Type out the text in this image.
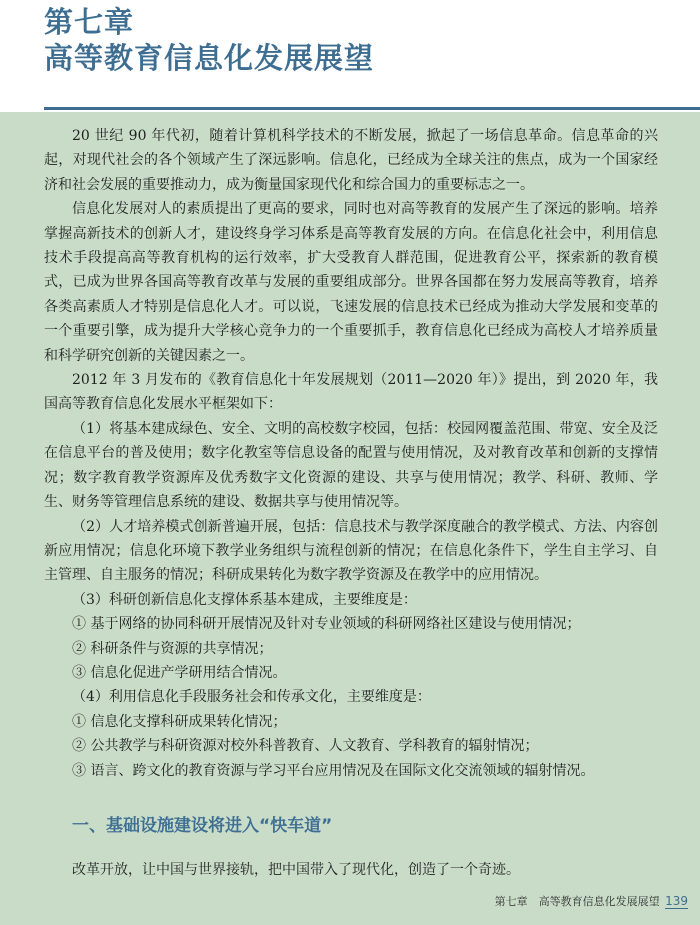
第七章
高等教育信息化发展展望

20 世纪 90 年代初，随着计算机科学技术的不断发展，掀起了一场信息革命。信息革命的兴起，对现代社会的各个领域产生了深远影响。信息化，已经成为全球关注的焦点，成为一个国家经济和社会发展的重要推动力，成为衡量国家现代化和综合国力的重要标志之一。

信息化发展对人的素质提出了更高的要求，同时也对高等教育的发展产生了深远的影响。培养掌握高新技术的创新人才，建设终身学习体系是高等教育发展的方向。在信息化社会中，利用信息技术手段提高高等教育机构的运行效率，扩大受教育人群范围，促进教育公平，探索新的教育模式，已成为世界各国高等教育改革与发展的重要组成部分。世界各国都在努力发展高等教育，培养各类高素质人才特别是信息化人才。可以说，飞速发展的信息技术已经成为推动大学发展和变革的一个重要引擎，成为提升大学核心竞争力的一个重要抓手，教育信息化已经成为高校人才培养质量和科学研究创新的关键因素之一。

2012 年 3 月发布的《教育信息化十年发展规划（2011—2020 年）》提出，到 2020 年，我国高等教育信息化发展水平框架如下：

（1）将基本建成绿色、安全、文明的高校数字校园，包括：校园网覆盖范围、带宽、安全及泛在信息平台的普及使用；数字化教室等信息设备的配置与使用情况，及对教育改革和创新的支撑情况；数字教育教学资源库及优秀数字文化资源的建设、共享与使用情况；教学、科研、教师、学生、财务等管理信息系统的建设、数据共享与使用情况等。

（2）人才培养模式创新普遍开展，包括：信息技术与教学深度融合的教学模式、方法、内容创新应用情况；信息化环境下教学业务组织与流程创新的情况；在信息化条件下，学生自主学习、自主管理、自主服务的情况；科研成果转化为数字教学资源及在教学中的应用情况。

（3）科研创新信息化支撑体系基本建成，主要维度是：

① 基于网络的协同科研开展情况及针对专业领域的科研网络社区建设与使用情况；

② 科研条件与资源的共享情况；

③ 信息化促进产学研用结合情况。

（4）利用信息化手段服务社会和传承文化，主要维度是：

① 信息化支撑科研成果转化情况；

② 公共教学与科研资源对校外科普教育、人文教育、学科教育的辐射情况；

③ 语言、跨文化的教育资源与学习平台应用情况及在国际文化交流领域的辐射情况。

一、基础设施建设将进入“快车道”

改革开放，让中国与世界接轨，把中国带入了现代化，创造了一个奇迹。

第七章　高等教育信息化发展展望 139
